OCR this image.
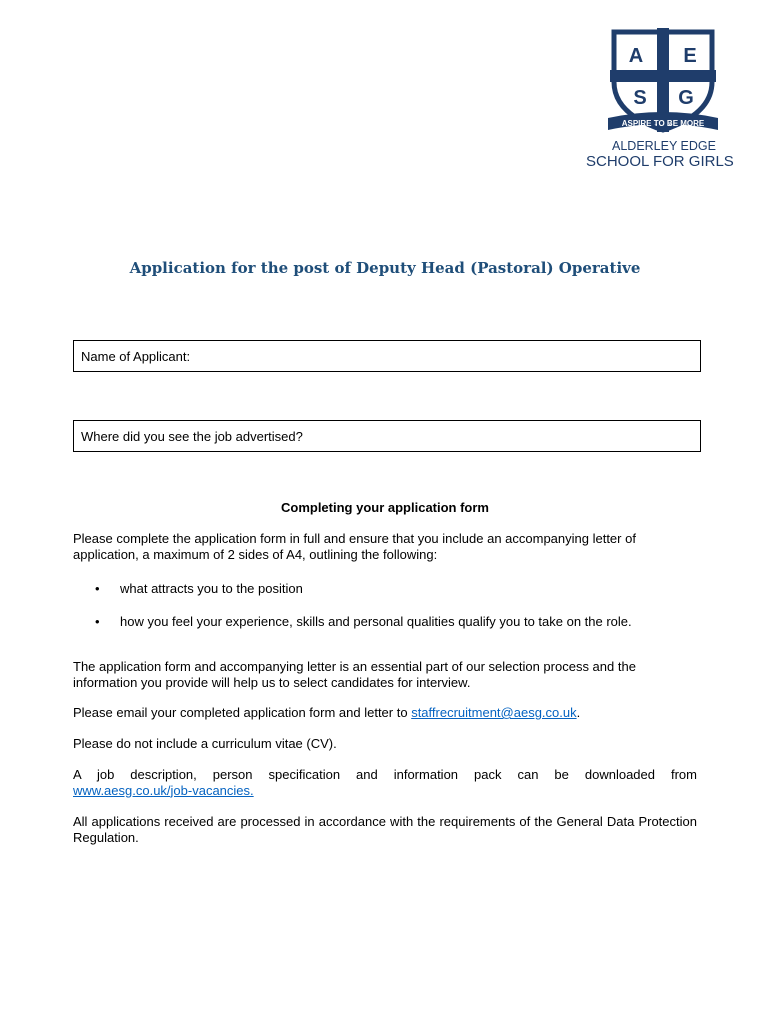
A E
S G
ASPIRE TO BE MORE
ALDERLEY EDGE
SCHOOL FOR GIRLS
Application for the post of Deputy Head (Pastoral) Operative
Name of Applicant:
Where did you see the job advertised?
Completing your application form
Please complete the application form in full and ensure that you include an accompanying letter of application, a maximum of 2 sides of A4, outlining the following:
• what attracts you to the position
• how you feel your experience, skills and personal qualities qualify you to take on the role.
The application form and accompanying letter is an essential part of our selection process and the information you provide will help us to select candidates for interview.
Please email your completed application form and letter to staffrecruitment@aesg.co.uk.
Please do not include a curriculum vitae (CV).
A job description, person specification and information pack can be downloaded from
www.aesg.co.uk/job-vacancies.
All applications received are processed in accordance with the requirements of the General Data Protection Regulation.
